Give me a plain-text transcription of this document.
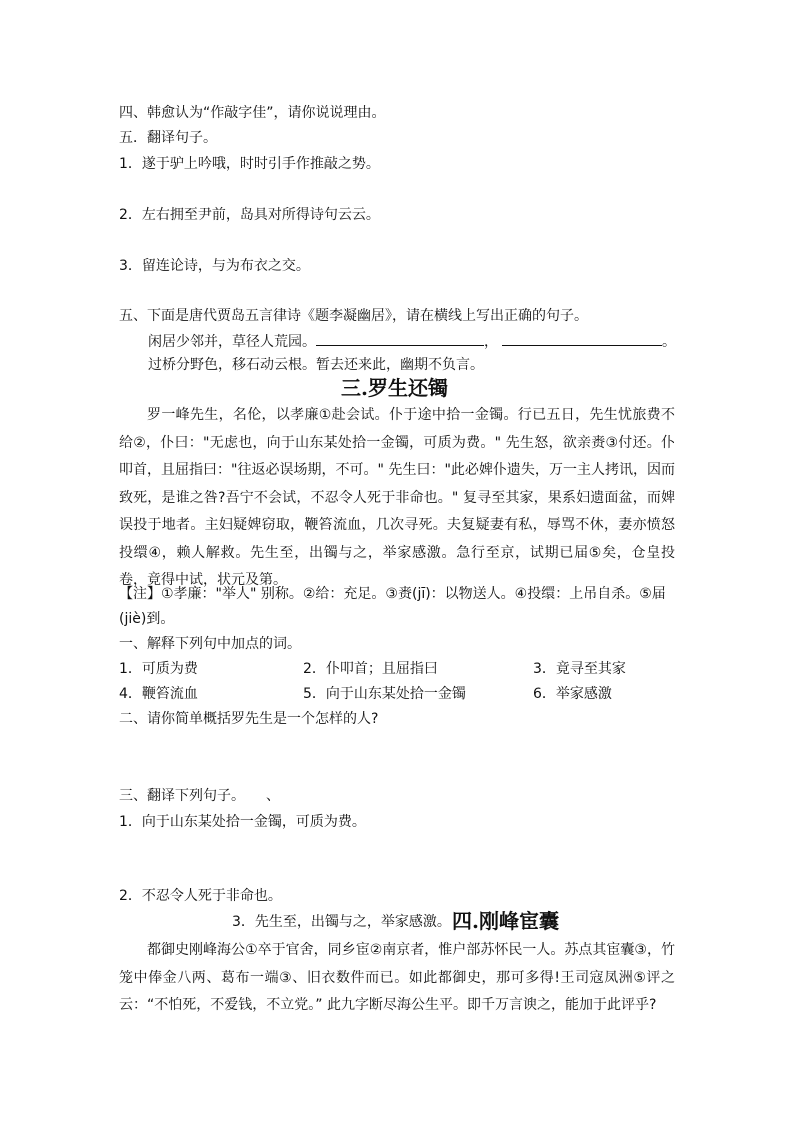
四、韩愈认为“作敲字佳”，请你说说理由。
五．翻译句子。
1．遂于驴上吟哦，时时引手作推敲之势。
2．左右拥至尹前，岛具对所得诗句云云。
3．留连论诗，与为布衣之交。
五、下面是唐代贾岛五言律诗《题李凝幽居》，请在横线上写出正确的句子。
闲居少邻并，草径人荒园。	，	。
过桥分野色，移石动云根。暂去还来此，幽期不负言。
三.罗生还镯

罗一峰先生，名伦，以孝廉①赴会试。仆于途中拾一金镯。行已五日，先生忧旅费不给②，仆曰："无虑也，向于山东某处拾一金镯，可质为费。" 先生怒，欲亲赉③付还。仆叩首，且屈指曰："往返必误场期，不可。" 先生曰："此必婢仆遗失，万一主人拷讯，因而致死，是谁之咎?吾宁不会试，不忍令人死于非命也。" 复寻至其家，果系妇遗面盆，而婢误投于地者。主妇疑婢窃取，鞭笞流血，几次寻死。夫复疑妻有私，辱骂不休，妻亦愤怒投缳④，赖人解救。先生至，出镯与之，举家感激。急行至京，试期已届⑤矣，仓皇投卷，竟得中试，状元及第。

【注】①孝廉："举人" 别称。②给：充足。③赉(jī)：以物送人。④投缳：上吊自杀。⑤届
(jiè)到。
一、解释下列句中加点的词。
1．可质为费	2．仆叩首；且屈指曰	3．竟寻至其家
4．鞭笞流血	5．向于山东某处拾一金镯	6．举家感激
二、请你简单概括罗先生是一个怎样的人?
三、翻译下列句子。　　、
1．向于山东某处拾一金镯，可质为费。
2．不忍令人死于非命也。
3．先生至，出镯与之，举家感激。 四.刚峰宦囊

都御史刚峰海公①卒于官舍，同乡宦②南京者，惟户部苏怀民一人。苏点其宦囊③，竹笼中俸金八两、葛布一端③、旧衣数件而已。如此都御史，那可多得!王司寇凤洲⑤评之云：“不怕死，不爱钱，不立党。” 此九字断尽海公生平。即千万言谀之，能加于此评乎?
